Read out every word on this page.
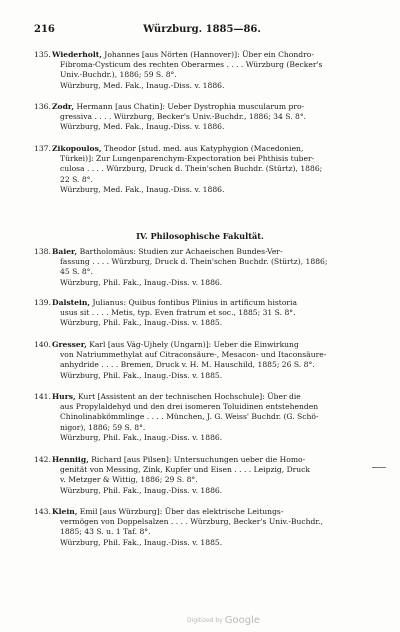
216	Würzburg. 1885—86.
135. Wiederholt, Johannes [aus Nörten (Hannover)]: Über ein Chondro-
Fibroma-Cysticum des rechten Oberarmes . . . . Würzburg (Becker's
Univ.-Buchdr.), 1886; 59 S. 8°.
Würzburg, Med. Fak., Inaug.-Diss. v. 1886.
136. Zodr, Hermann [aus Chatin]: Ueber Dystrophia muscularum pro-
gressiva . . . . Würzburg, Becker's Univ.-Buchdr., 1886; 34 S. 8°.
Würzburg, Med. Fak., Inaug.-Diss. v. 1886.
137. Zikopoulos, Theodor [stud. med. aus Katyphygion (Macedonien,
Türkei)]: Zur Lungenparenchym-Expectoration bei Phthisis tuber-
culosa . . . . Würzburg, Druck d. Thein'schen Buchdr. (Stürtz), 1886;
22 S. 8°.
Würzburg, Med. Fak., Inaug.-Diss. v. 1886.
IV. Philosophische Fakultät.
138. Baier, Bartholomäus: Studien zur Achaeischen Bundes-Ver-
fassung . . . . Würzburg, Druck d. Thein'schen Buchdr. (Stürtz), 1886;
45 S. 8°.
Würzburg, Phil. Fak., Inaug.-Diss. v. 1886.
139. Dalstein, Julianus: Quibus fontibus Plinius in artificum historia
usus sit . . . . Metis, typ. Even fratrum et soc., 1885; 31 S. 8°.
Würzburg, Phil. Fak., Inaug.-Diss. v. 1885.
140. Gresser, Karl [aus Vág-Ujhely (Ungarn)]: Ueber die Einwirkung
von Natriummethylat auf Citraconsäure-, Mesacon- und Itaconsäure-
anhydride . . . . Bremen, Druck v. H. M. Hauschild, 1885; 26 S. 8°.
Würzburg, Phil. Fak., Inaug.-Diss. v. 1885.
141. Hurs, Kurt [Assistent an der technischen Hochschule]: Über die
aus Propylaldehyd und den drei isomeren Toluidinen entstehenden
Chinolinabkömmlinge . . . . München, J. G. Weiss' Buchdr. (G. Schö-
nigor), 1886; 59 S. 8°.
Würzburg, Phil. Fak., Inaug.-Diss. v. 1886.
142. Henniig, Richard [aus Pilsen]: Untersuchungen ueber die Homo-
genität von Messing, Zink, Kupfer und Eisen . . . . Leipzig, Druck
v. Metzger & Wittig, 1886; 29 S. 8°.
Würzburg, Phil. Fak., Inaug.-Diss. v. 1886.
143. Klein, Emil [aus Würzburg]: Über das elektrische Leitungs-
vermögen von Doppelsalzen . . . . Würzburg, Becker's Univ.-Buchdr.,
1885; 43 S. u. 1 Taf. 8°.
Würzburg, Phil. Fak., Inaug.-Diss. v. 1885.
Digitized by Google
